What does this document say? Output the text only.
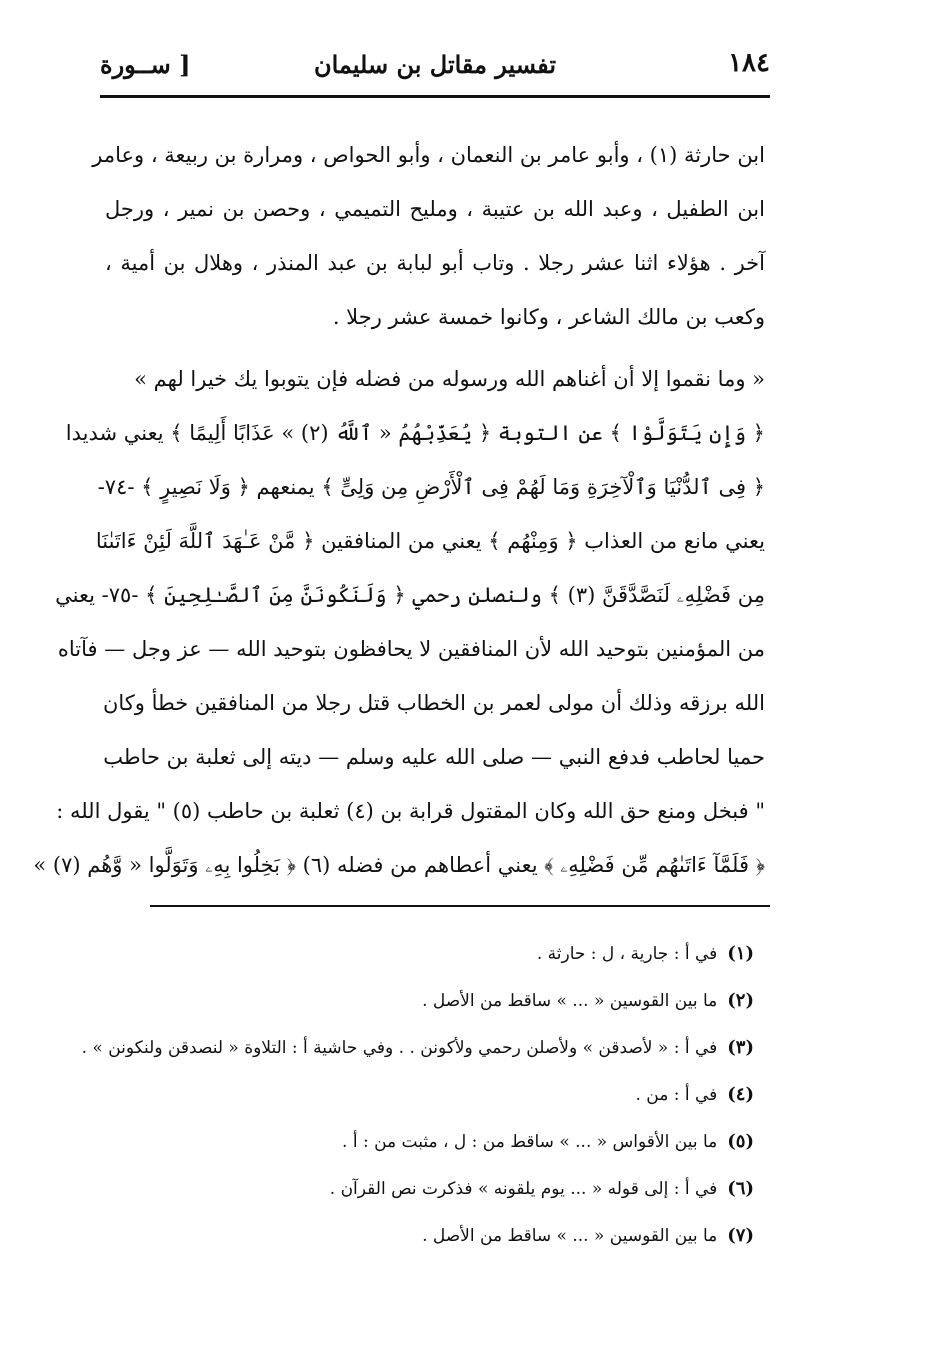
١٨٤
تفسير مقاتل بن سليمان
[ ســورة
ابن حارثة (١) ، وأبو عامر بن النعمان ، وأبو الحواص ، ومرارة بن ربيعة ، وعامر
ابن الطفيل ، وعبد الله بن عتيبة ، ومليح التميمي ، وحصن بن نمير ، ورجل
آخر . هؤلاء اثنا عشر رجلا . وتاب أبو لبابة بن عبد المنذر ، وهلال بن أمية ،
وكعب بن مالك الشاعر ، وكانوا خمسة عشر رجلا .
« وما نقموا إلا أن أغناهم الله ورسوله من فضله فإن يتوبوا يك خيرا لهم »
﴿ وَإِن يَتَوَلَّوْا ﴾ عن التوبة ﴿ يُعَذِّبْهُمُ « ٱللَّهُ (٢) » عَذَابًا أَلِيمًا ﴾ يعني شديدا
﴿ فِى ٱلدُّنْيَا وَٱلْآخِرَةِ وَمَا لَهُمْ فِى ٱلْأَرْضِ مِن وَلِىٍّ ﴾ يمنعهم ﴿ وَلَا نَصِيرٍ ﴾ -٧٤-
يعني مانع من العذاب ﴿ وَمِنْهُم ﴾ يعني من المنافقين ﴿ مَّنْ عَـٰهَدَ ٱللَّهَ لَئِنْ ءَاتَىٰنَا
مِن فَضْلِهِۦ لَنَصَّدَّقَنَّ (٣) ﴾ ولنصلن رحمي ﴿ وَلَنَكُونَنَّ مِنَ ٱلصَّـٰلِحِينَ ﴾ -٧٥- يعني
من المؤمنين بتوحيد الله لأن المنافقين لا يحافظون بتوحيد الله — عز وجل — فآتاه
الله برزقه وذلك أن مولى لعمر بن الخطاب قتل رجلا من المنافقين خطأ وكان
حميا لحاطب فدفع النبي — صلى الله عليه وسلم — ديته إلى ثعلبة بن حاطب
" فبخل ومنع حق الله وكان المقتول قرابة بن (٤) ثعلبة بن حاطب (٥) " يقول الله :
﴿ فَلَمَّآ ءَاتَىٰهُم مِّن فَضْلِهِۦ ﴾ يعني أعطاهم من فضله (٦) ﴿ بَخِلُوا بِهِۦ وَتَوَلَّوا « وَّهُم (٧) »
(١)في أ : جارية ، ل : حارثة .
(٢)ما بين القوسين « ... » ساقط من الأصل .
(٣)في أ : « لأصدقن » ولأصلن رحمي ولأكونن . . وفي حاشية أ : التلاوة « لنصدقن ولنكونن » .
(٤)في أ : من .
(٥)ما بين الأقواس « ... » ساقط من : ل ، مثبت من : أ .
(٦)في أ : إلى قوله « ... يوم يلقونه » فذكرت نص القرآن .
(٧)ما بين القوسين « ... » ساقط من الأصل .
